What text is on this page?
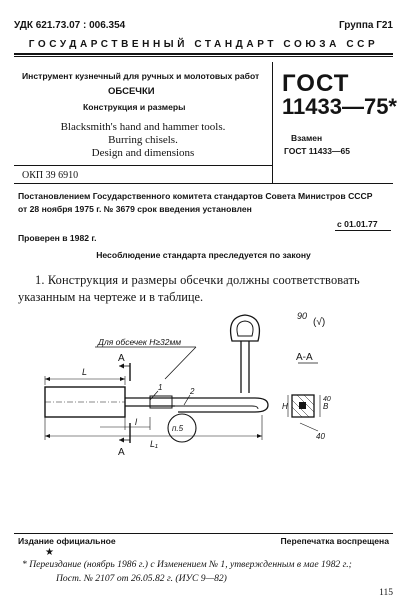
УДК 621.73.07 : 006.354	Группа Г21
ГОСУДАРСТВЕННЫЙ СТАНДАРТ СОЮЗА ССР
Инструмент кузнечный для ручных и молотовых работ
ОБСЕЧКИ
Конструкция и размеры
Blacksmith's hand and hammer tools.
Burring chisels.
Design and dimensions
ОКП 39 6910
ГОСТ
11433—75*
Взамен
ГОСТ 11433—65
Постановлением Государственного комитета стандартов Совета Министров СССР
от 28 ноября 1975 г. № 3679 срок введения установлен
с 01.01.77
Проверен в 1982 г.
Несоблюдение стандарта преследуется по закону
1. Конструкция и размеры обсечки должны соответствовать
указанным на чертеже и в таблице.
Для обсечек H≥32мм
90
(√)
А-А
А
А
L
l
L₁
H	B
40
40
1	2
п.5
Издание официальное	Перепечатка воспрещена
★
* Переиздание (ноябрь 1986 г.) с Изменением № 1, утвержденным в мае 1982 г.;
Пост. № 2107 от 26.05.82 г. (ИУС 9—82)
115
